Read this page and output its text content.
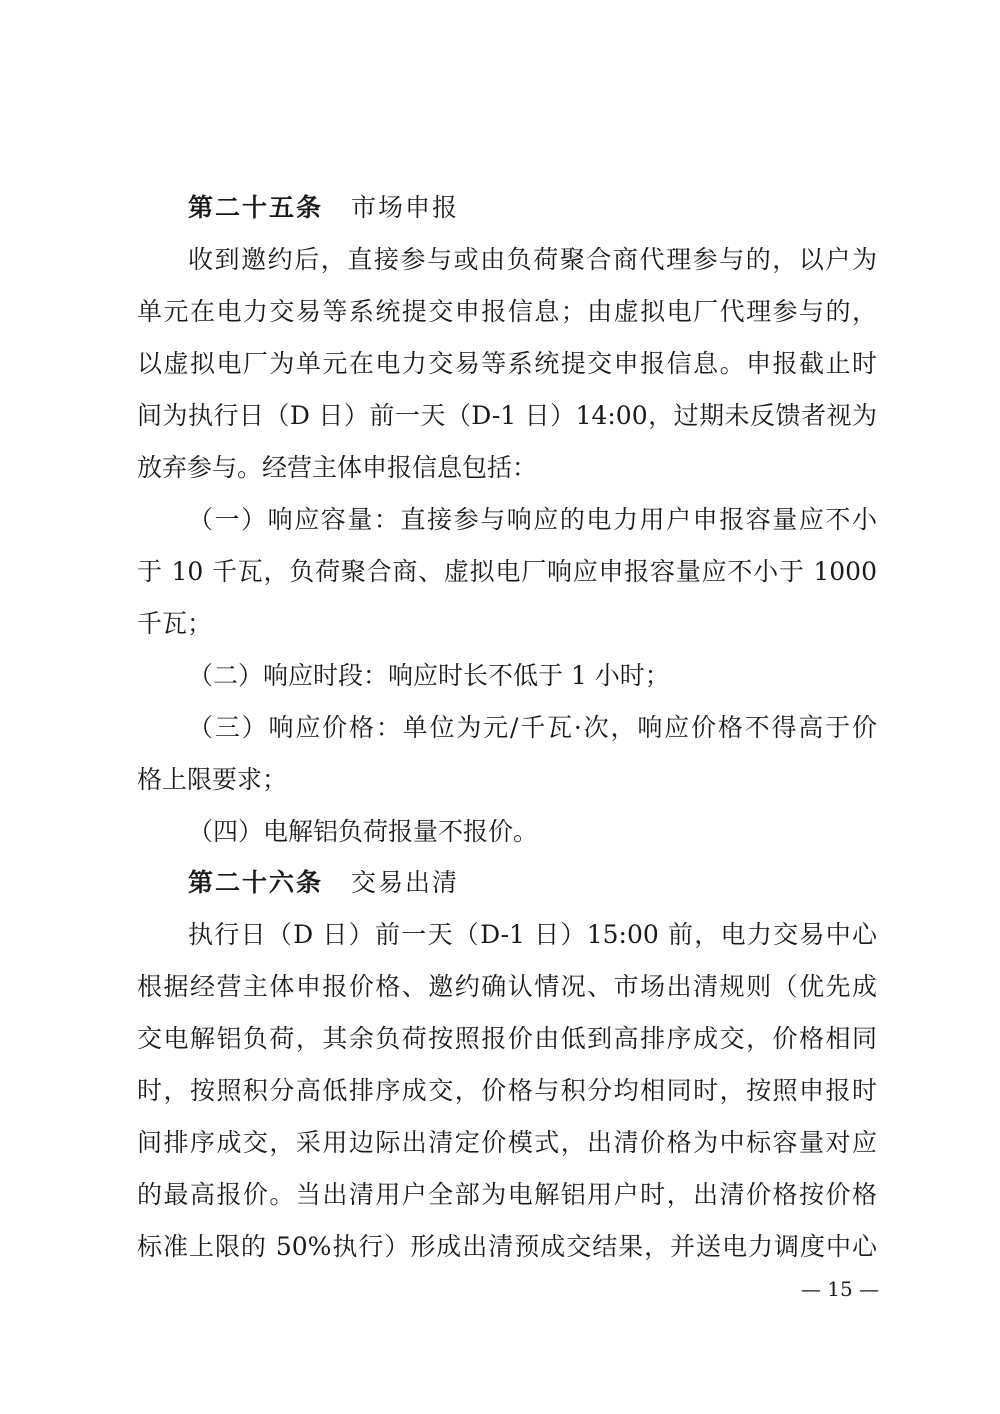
第二十五条 市场申报
收到邀约后，直接参与或由负荷聚合商代理参与的，以户为
单元在电力交易等系统提交申报信息；由虚拟电厂代理参与的，
以虚拟电厂为单元在电力交易等系统提交申报信息。申报截止时
间为执行日（D 日）前一天（D-1 日）14:00，过期未反馈者视为
放弃参与。经营主体申报信息包括：
（一）响应容量：直接参与响应的电力用户申报容量应不小
于 10 千瓦，负荷聚合商、虚拟电厂响应申报容量应不小于 1000
千瓦；
（二）响应时段：响应时长不低于 1 小时；
（三）响应价格：单位为元/千瓦·次，响应价格不得高于价
格上限要求；
（四）电解铝负荷报量不报价。
第二十六条 交易出清
执行日（D 日）前一天（D-1 日）15:00 前，电力交易中心
根据经营主体申报价格、邀约确认情况、市场出清规则（优先成
交电解铝负荷，其余负荷按照报价由低到高排序成交，价格相同
时，按照积分高低排序成交，价格与积分均相同时，按照申报时
间排序成交，采用边际出清定价模式，出清价格为中标容量对应
的最高报价。当出清用户全部为电解铝用户时，出清价格按价格
标准上限的 50%执行）形成出清预成交结果，并送电力调度中心
— 15 —
